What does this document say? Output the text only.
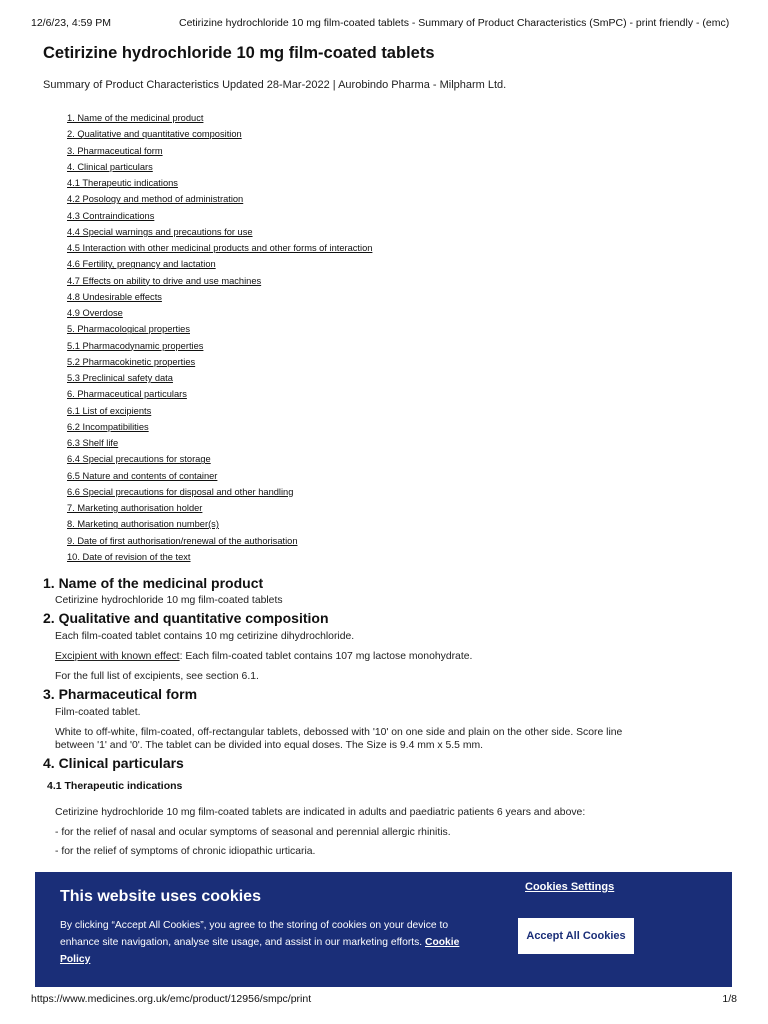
12/6/23, 4:59 PM	Cetirizine hydrochloride 10 mg film-coated tablets - Summary of Product Characteristics (SmPC) - print friendly - (emc)
Cetirizine hydrochloride 10 mg film-coated tablets
Summary of Product Characteristics Updated 28-Mar-2022 | Aurobindo Pharma - Milpharm Ltd.
1. Name of the medicinal product
2. Qualitative and quantitative composition
3. Pharmaceutical form
4. Clinical particulars
4.1 Therapeutic indications
4.2 Posology and method of administration
4.3 Contraindications
4.4 Special warnings and precautions for use
4.5 Interaction with other medicinal products and other forms of interaction
4.6 Fertility, pregnancy and lactation
4.7 Effects on ability to drive and use machines
4.8 Undesirable effects
4.9 Overdose
5. Pharmacological properties
5.1 Pharmacodynamic properties
5.2 Pharmacokinetic properties
5.3 Preclinical safety data
6. Pharmaceutical particulars
6.1 List of excipients
6.2 Incompatibilities
6.3 Shelf life
6.4 Special precautions for storage
6.5 Nature and contents of container
6.6 Special precautions for disposal and other handling
7. Marketing authorisation holder
8. Marketing authorisation number(s)
9. Date of first authorisation/renewal of the authorisation
10. Date of revision of the text
1. Name of the medicinal product

Cetirizine hydrochloride 10 mg film-coated tablets

2. Qualitative and quantitative composition

Each film-coated tablet contains 10 mg cetirizine dihydrochloride.

Excipient with known effect: Each film-coated tablet contains 107 mg lactose monohydrate.

For the full list of excipients, see section 6.1.

3. Pharmaceutical form

Film-coated tablet.

White to off-white, film-coated, off-rectangular tablets, debossed with '10' on one side and plain on the other side. Score line between '1' and '0'. The tablet can be divided into equal doses. The Size is 9.4 mm x 5.5 mm.

4. Clinical particulars
4.1 Therapeutic indications

Cetirizine hydrochloride 10 mg film-coated tablets are indicated in adults and paediatric patients 6 years and above:

- for the relief of nasal and ocular symptoms of seasonal and perennial allergic rhinitis.

- for the relief of symptoms of chronic idiopathic urticaria.

This website uses cookies
By clicking “Accept All Cookies”, you agree to the storing of cookies on your device to enhance site navigation, analyse site usage, and assist in our marketing efforts. Cookie Policy
Cookies Settings
Accept All Cookies
https://www.medicines.org.uk/emc/product/12956/smpc/print	1/8
